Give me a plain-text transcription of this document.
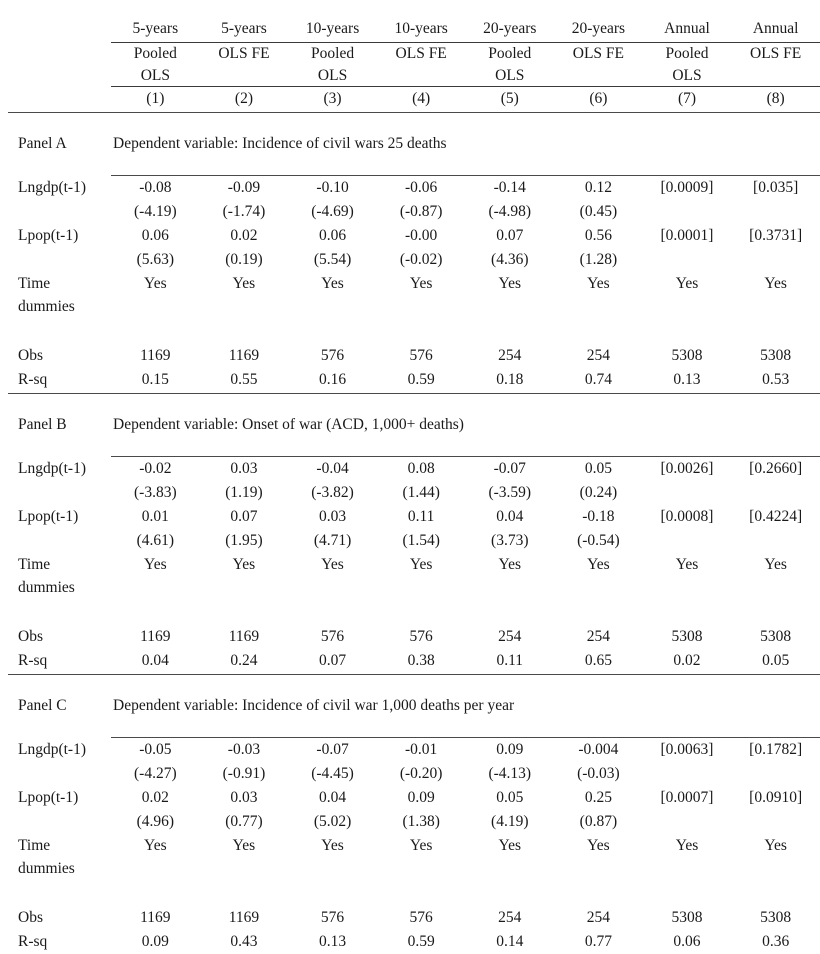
	5-years	5-years	10-years	10-years	20-years	20-years	Annual	Annual
	Pooled	OLS FE	Pooled	OLS FE	Pooled	OLS FE	Pooled	OLS FE
	OLS		OLS		OLS		OLS	
	(1)	(2)	(3)	(4)	(5)	(6)	(7)	(8)

Panel A	Dependent variable: Incidence of civil wars 25 deaths							

Lngdp(t-1)	-0.08	-0.09	-0.10	-0.06	-0.14	0.12	[0.0009]	[0.035]
	(-4.19)	(-1.74)	(-4.69)	(-0.87)	(-4.98)	(0.45)		
Lpop(t-1)	0.06	0.02	0.06	-0.00	0.07	0.56	[0.0001]	[0.3731]
	(5.63)	(0.19)	(5.54)	(-0.02)	(4.36)	(1.28)		
Time	Yes	Yes	Yes	Yes	Yes	Yes	Yes	Yes
dummies								

Obs	1169	1169	576	576	254	254	5308	5308
R-sq	0.15	0.55	0.16	0.59	0.18	0.74	0.13	0.53

Panel B	Dependent variable: Onset of war (ACD, 1,000+ deaths)							

Lngdp(t-1)	-0.02	0.03	-0.04	0.08	-0.07	0.05	[0.0026]	[0.2660]
	(-3.83)	(1.19)	(-3.82)	(1.44)	(-3.59)	(0.24)		
Lpop(t-1)	0.01	0.07	0.03	0.11	0.04	-0.18	[0.0008]	[0.4224]
	(4.61)	(1.95)	(4.71)	(1.54)	(3.73)	(-0.54)		
Time	Yes	Yes	Yes	Yes	Yes	Yes	Yes	Yes
dummies								

Obs	1169	1169	576	576	254	254	5308	5308
R-sq	0.04	0.24	0.07	0.38	0.11	0.65	0.02	0.05

Panel C	Dependent variable: Incidence of civil war 1,000 deaths per year							

Lngdp(t-1)	-0.05	-0.03	-0.07	-0.01	0.09	-0.004	[0.0063]	[0.1782]
	(-4.27)	(-0.91)	(-4.45)	(-0.20)	(-4.13)	(-0.03)		
Lpop(t-1)	0.02	0.03	0.04	0.09	0.05	0.25	[0.0007]	[0.0910]
	(4.96)	(0.77)	(5.02)	(1.38)	(4.19)	(0.87)		
Time	Yes	Yes	Yes	Yes	Yes	Yes	Yes	Yes
dummies								

Obs	1169	1169	576	576	254	254	5308	5308
R-sq	0.09	0.43	0.13	0.59	0.14	0.77	0.06	0.36
